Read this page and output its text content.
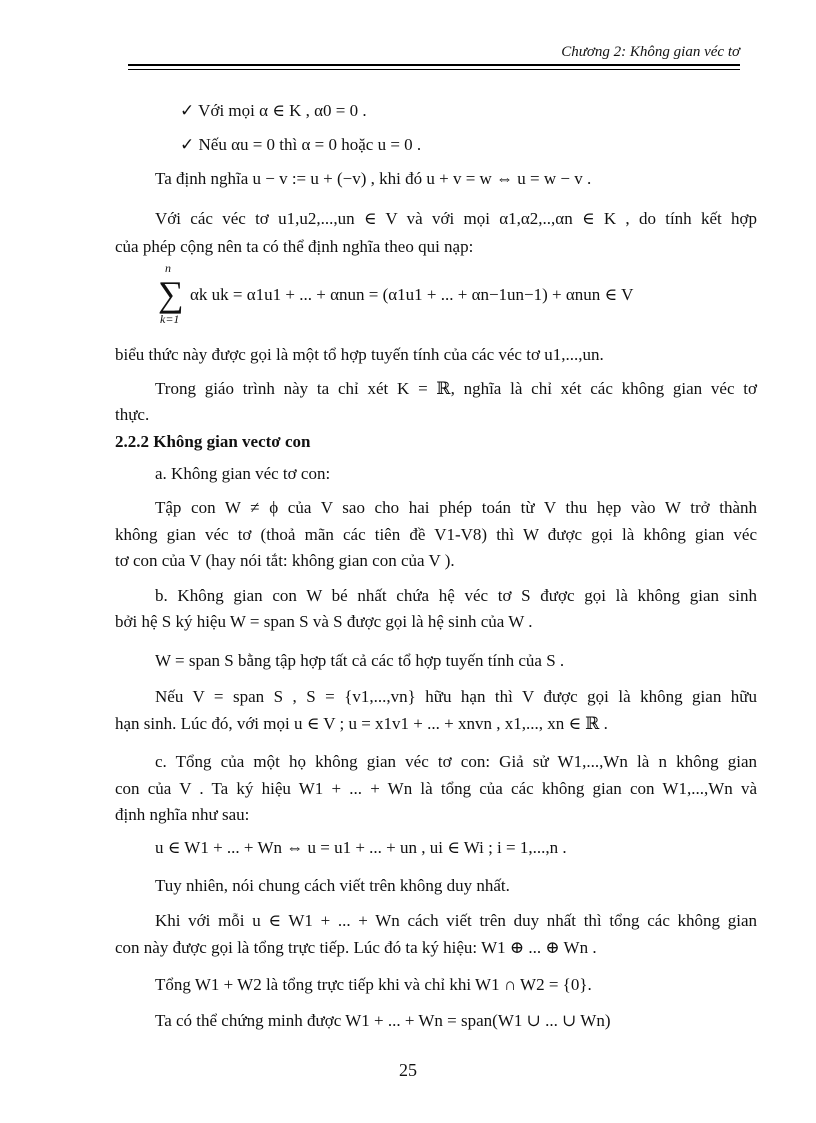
Chương 2: Không gian véc tơ
✓ Với mọi α ∈ K , α0 = 0 .
✓ Nếu αu = 0 thì α = 0 hoặc u = 0 .
Ta định nghĩa u − v := u + (−v) , khi đó u + v = w ⇔ u = w − v .
Với các véc tơ u1,u2,...,un ∈ V và với mọi α1,α2,..,αn ∈ K , do tính kết hợp
của phép cộng nên ta có thể định nghĩa theo qui nạp:
n
∑
k=1
αk uk = α1u1 + ... + αnun = (α1u1 + ... + αn−1un−1) + αnun ∈ V
biểu thức này được gọi là một tổ hợp tuyến tính của các véc tơ u1,...,un.
Trong giáo trình này ta chỉ xét K = ℝ, nghĩa là chỉ xét các không gian véc tơ
thực.
2.2.2 Không gian vectơ con
a. Không gian véc tơ con:
Tập con W ≠ ϕ của V sao cho hai phép toán từ V thu hẹp vào W trở thành
không gian véc tơ (thoả mãn các tiên đề V1-V8) thì W được gọi là không gian véc
tơ con của V (hay nói tắt: không gian con của V ).
b. Không gian con W bé nhất chứa hệ véc tơ S được gọi là không gian sinh
bởi hệ S ký hiệu W = span S và S được gọi là hệ sinh của W .
W = span S bằng tập hợp tất cả các tổ hợp tuyến tính của S .
Nếu V = span S , S = {v1,...,vn} hữu hạn thì V được gọi là không gian hữu
hạn sinh. Lúc đó, với mọi u ∈ V ; u = x1v1 + ... + xnvn , x1,..., xn ∈ ℝ .
c. Tổng của một họ không gian véc tơ con: Giả sử W1,...,Wn là n không gian
con của V . Ta ký hiệu W1 + ... + Wn là tổng của các không gian con W1,...,Wn và
định nghĩa như sau:
u ∈ W1 + ... + Wn ⇔ u = u1 + ... + un , ui ∈ Wi ; i = 1,...,n .
Tuy nhiên, nói chung cách viết trên không duy nhất.
Khi với mỗi u ∈ W1 + ... + Wn cách viết trên duy nhất thì tổng các không gian
con này được gọi là tổng trực tiếp. Lúc đó ta ký hiệu: W1 ⊕ ... ⊕ Wn .
Tổng W1 + W2 là tổng trực tiếp khi và chỉ khi W1 ∩ W2 = {0}.
Ta có thể chứng minh được W1 + ... + Wn = span(W1 ∪ ... ∪ Wn)
25
